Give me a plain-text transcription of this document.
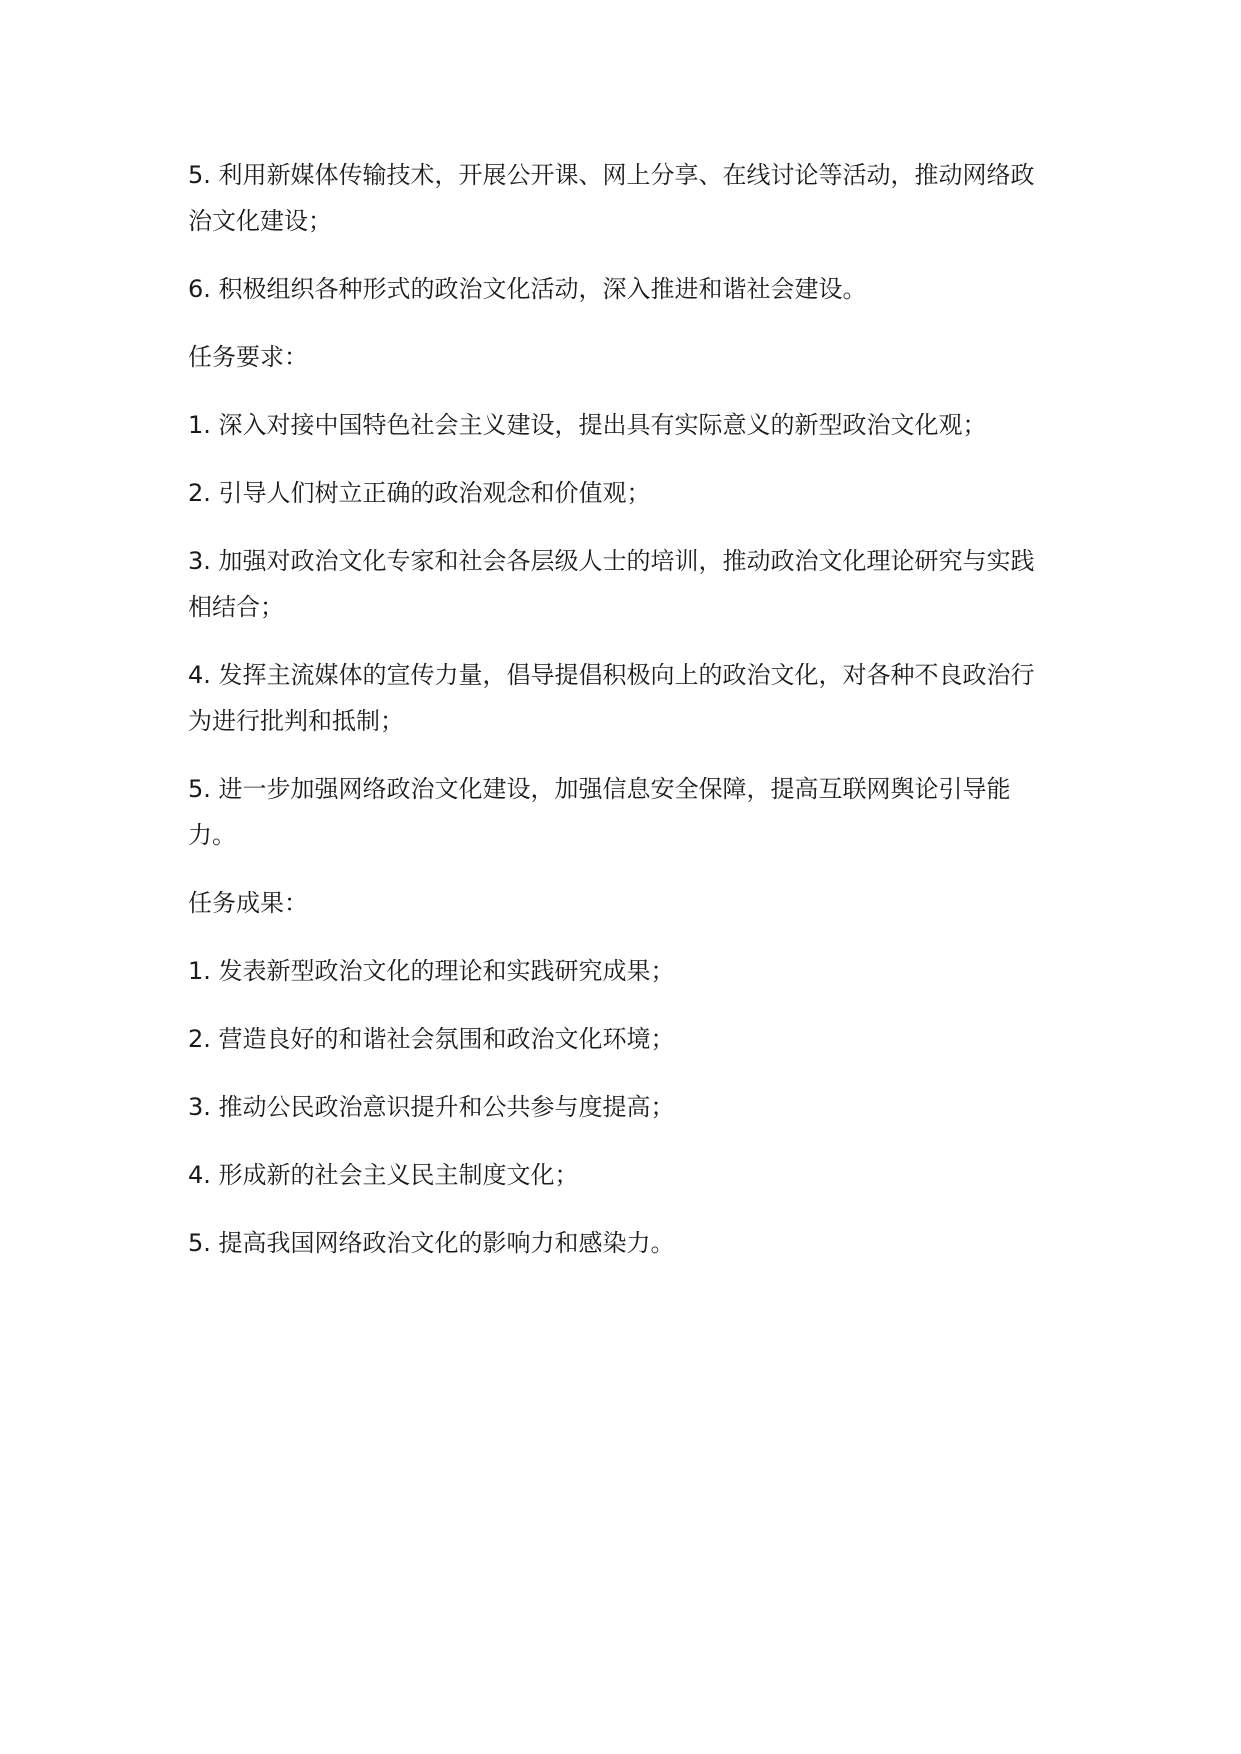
5. 利用新媒体传输技术，开展公开课、网上分享、在线讨论等活动，推动网络政治文化建设；

6. 积极组织各种形式的政治文化活动，深入推进和谐社会建设。

任务要求：

1. 深入对接中国特色社会主义建设，提出具有实际意义的新型政治文化观；

2. 引导人们树立正确的政治观念和价值观；

3. 加强对政治文化专家和社会各层级人士的培训，推动政治文化理论研究与实践相结合；

4. 发挥主流媒体的宣传力量，倡导提倡积极向上的政治文化，对各种不良政治行为进行批判和抵制；

5. 进一步加强网络政治文化建设，加强信息安全保障，提高互联网舆论引导能力。

任务成果：

1. 发表新型政治文化的理论和实践研究成果；

2. 营造良好的和谐社会氛围和政治文化环境；

3. 推动公民政治意识提升和公共参与度提高；

4. 形成新的社会主义民主制度文化；

5. 提高我国网络政治文化的影响力和感染力。
